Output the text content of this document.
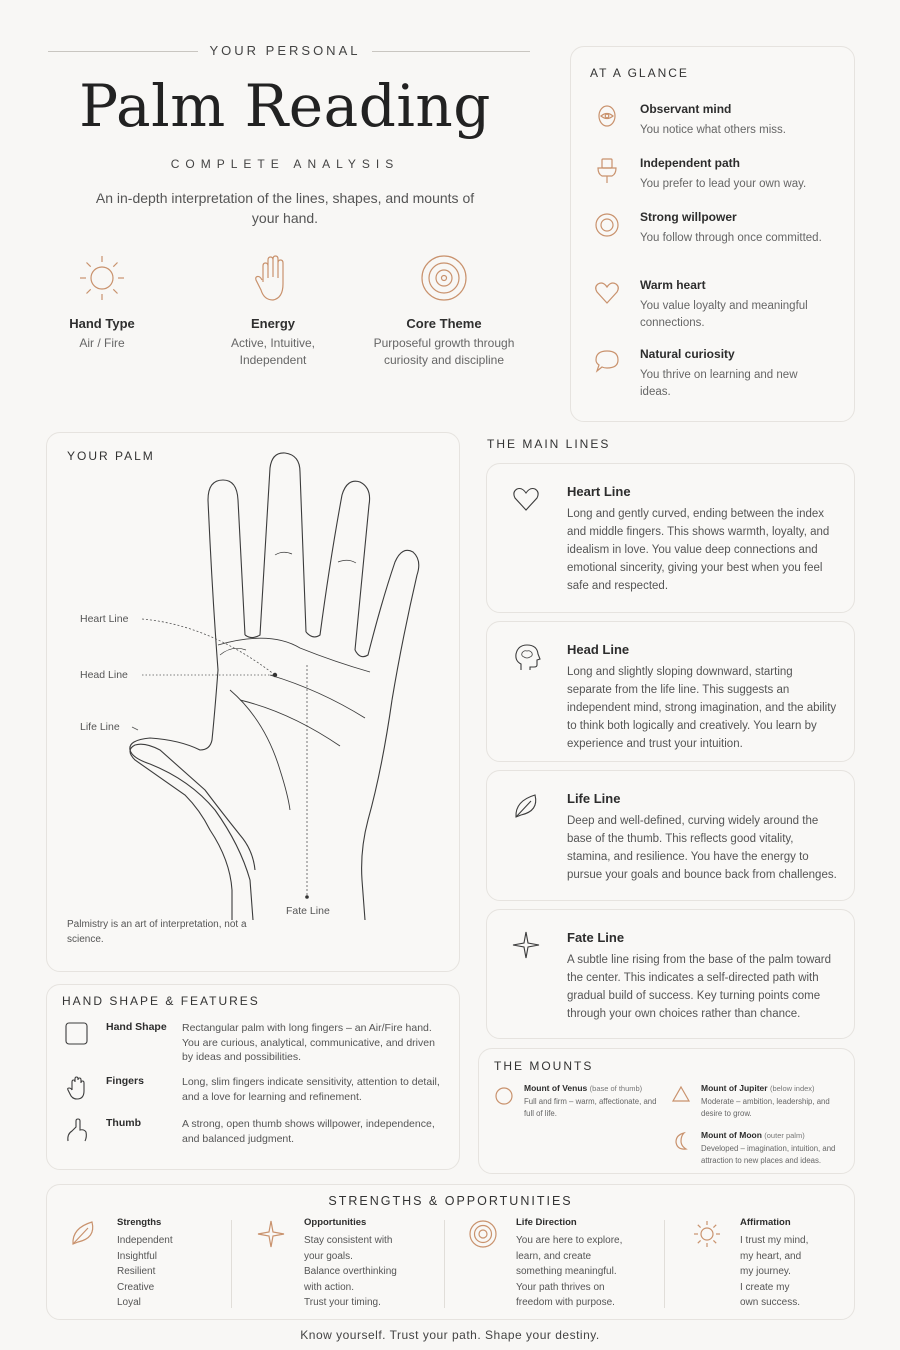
YOUR PERSONAL
Palm Reading
COMPLETE ANALYSIS
An in-depth interpretation of the lines, shapes, and mounts of your hand.
Hand Type
Air / Fire
Energy
Active, Intuitive, Independent
Core Theme
Purposeful growth through curiosity and discipline
AT A GLANCE
Observant mind
You notice what others miss.
Independent path
You prefer to lead your own way.
Strong willpower
You follow through once committed.
Warm heart
You value loyalty and meaningful connections.
Natural curiosity
You thrive on learning and new ideas.
YOUR PALM
Heart Line
Head Line
Life Line
Fate Line
Palmistry is an art of interpretation, not a science.
THE MAIN LINES
Heart Line
Long and gently curved, ending between the index and middle fingers. This shows warmth, loyalty, and idealism in love. You value deep connections and emotional sincerity, giving your best when you feel safe and respected.
Head Line
Long and slightly sloping downward, starting separate from the life line. This suggests an independent mind, strong imagination, and the ability to think both logically and creatively. You learn by experience and trust your intuition.
Life Line
Deep and well-defined, curving widely around the base of the thumb. This reflects good vitality, stamina, and resilience. You have the energy to pursue your goals and bounce back from challenges.
Fate Line
A subtle line rising from the base of the palm toward the center. This indicates a self-directed path with gradual build of success. Key turning points come through your own choices rather than chance.
HAND SHAPE & FEATURES
Hand Shape Rectangular palm with long fingers – an Air/Fire hand. You are curious, analytical, communicative, and driven by ideas and possibilities.
Fingers	Long, slim fingers indicate sensitivity, attention to detail, and a love for learning and refinement.
Thumb	A strong, open thumb shows willpower, independence, and balanced judgment.
THE MOUNTS
Mount of Venus (base of thumb)
Full and firm – warm, affectionate, and full of life.
Mount of Jupiter (below index)
Moderate – ambition, leadership, and desire to grow.
Mount of Moon (outer palm)
Developed – imagination, intuition, and attraction to new places and ideas.
STRENGTHS & OPPORTUNITIES
Strengths
Independent
Insightful
Resilient
Creative
Loyal
Opportunities
Stay consistent with
your goals.
Balance overthinking
with action.
Trust your timing.
Life Direction
You are here to explore,
learn, and create
something meaningful.
Your path thrives on
freedom with purpose.
Affirmation
I trust my mind,
my heart, and
my journey.
I create my
own success.
Know yourself. Trust your path. Shape your destiny.
